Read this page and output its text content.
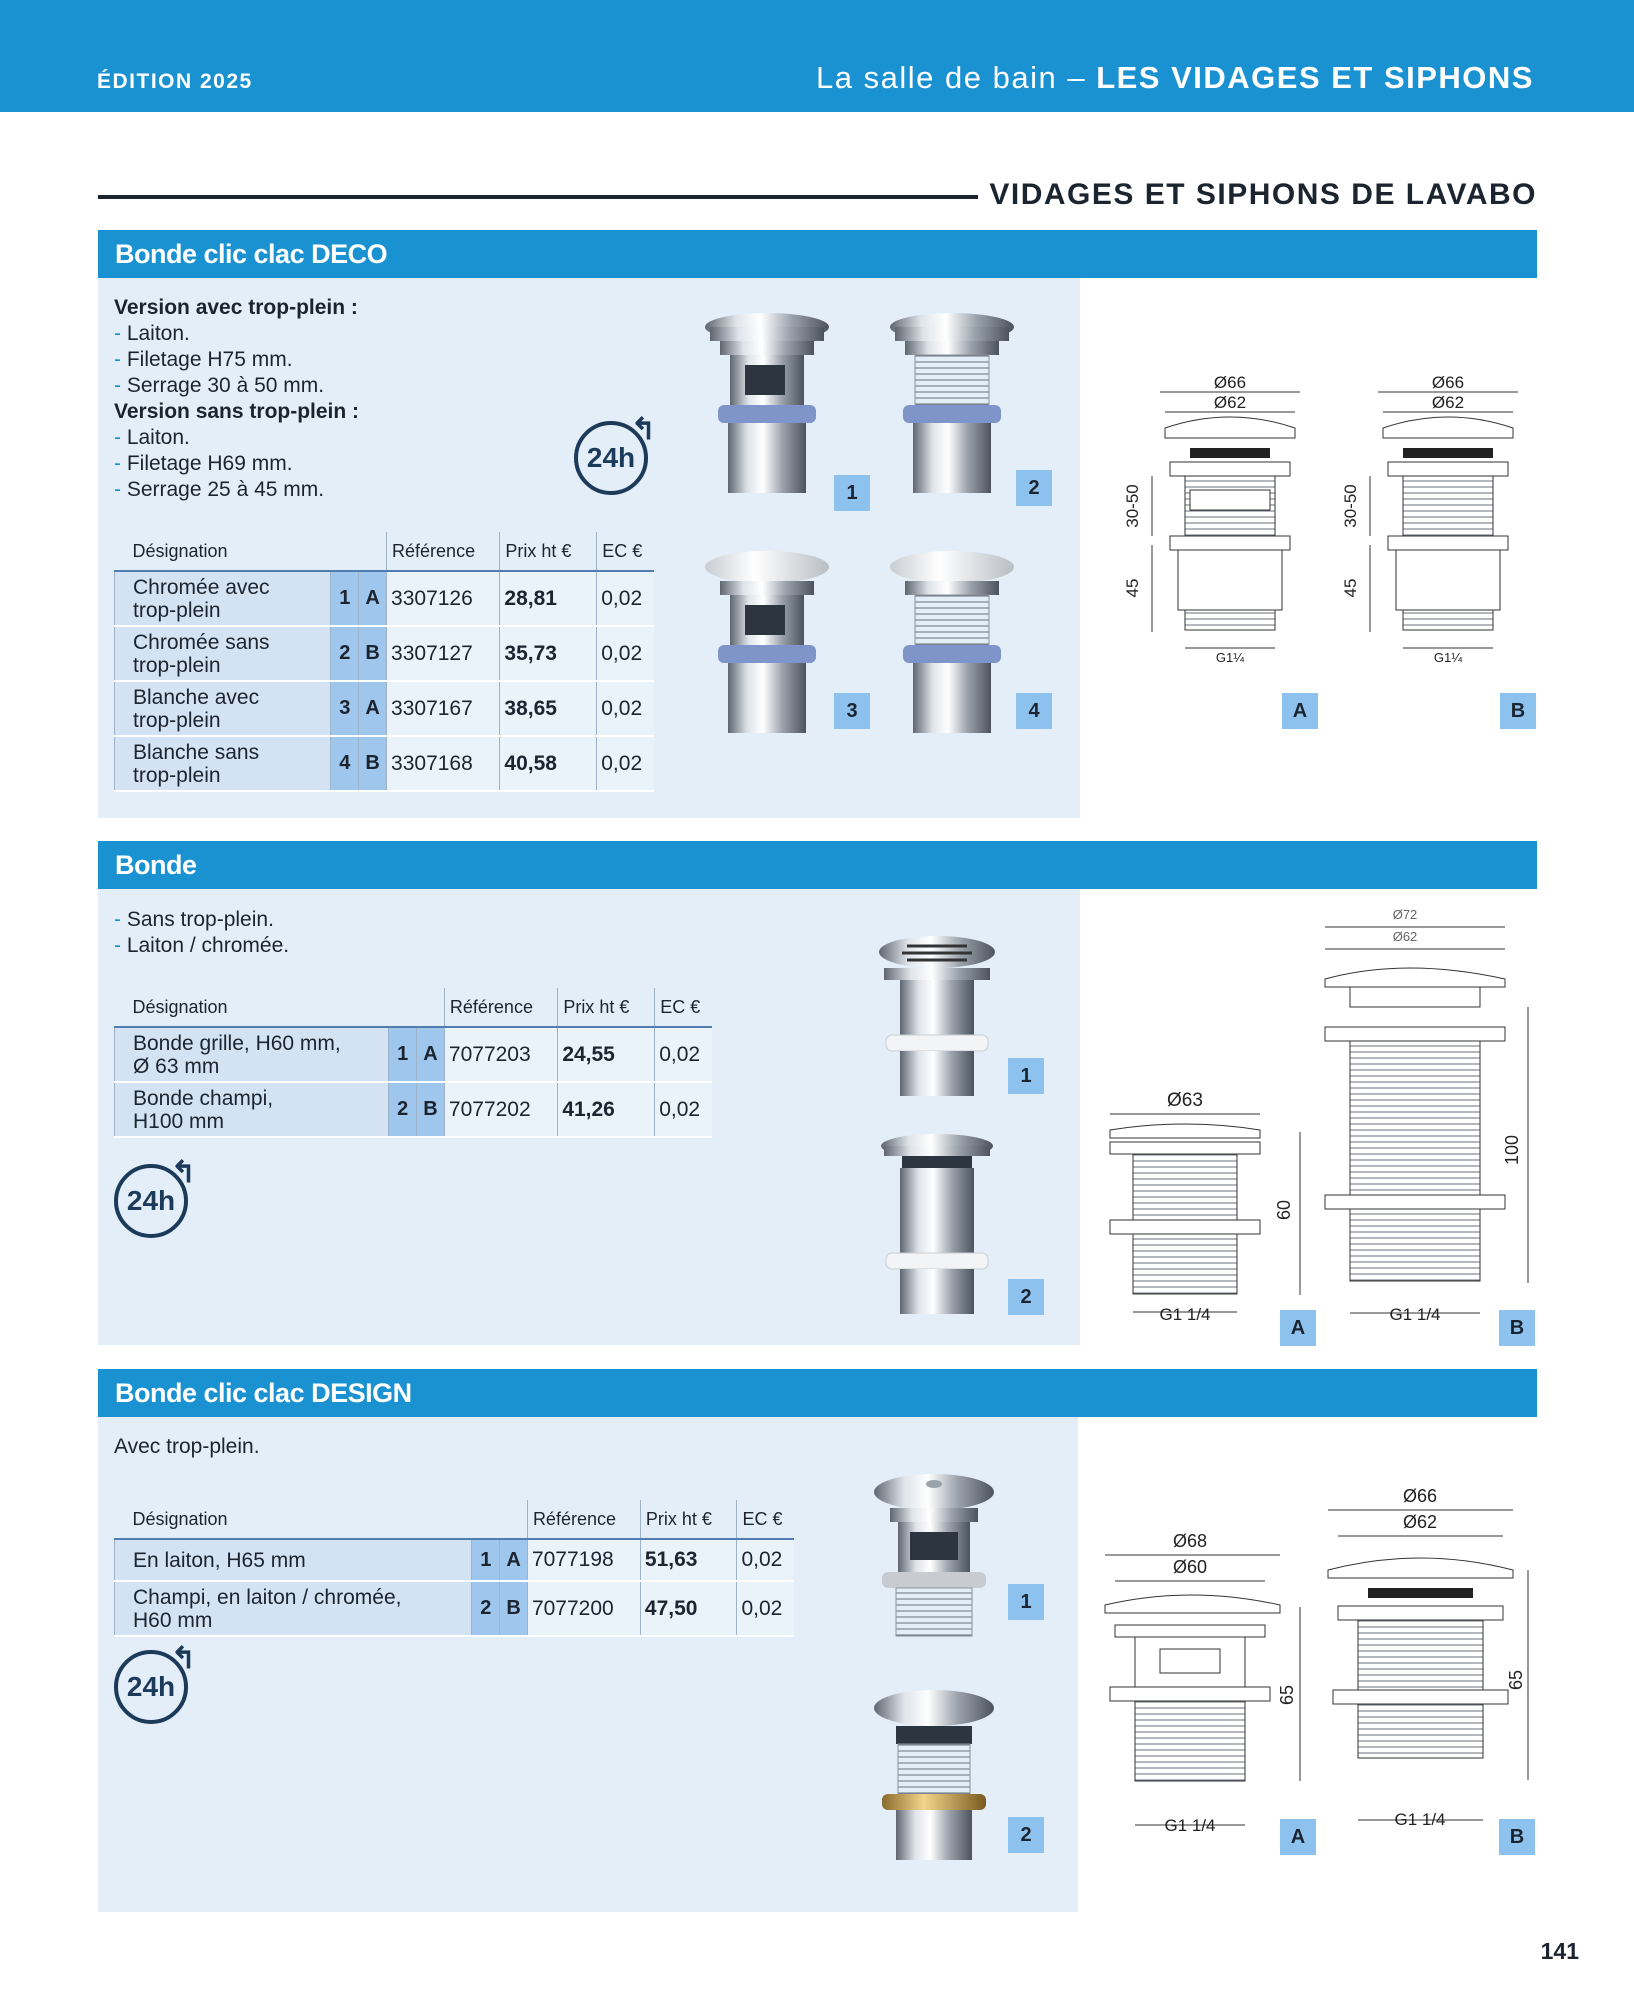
ÉDITION 2025	La salle de bain – LES VIDAGES ET SIPHONS
VIDAGES ET SIPHONS DE LAVABO
Bonde clic clac DECO
Version avec trop-plein :
- Laiton.
- Filetage H75 mm.
- Serrage 30 à 50 mm.
Version sans trop-plein :
- Laiton.
- Filetage H69 mm.
- Serrage 25 à 45 mm.
24h
↰
Désignation			Référence	Prix ht €	EC €

Chromée avec
trop-plein	1	A	3307126	28,81	0,02

Chromée sans
trop-plein	2	B	3307127	35,73	0,02

Blanche avec
trop-plein	3	A	3307167	38,65	0,02

Blanche sans
trop-plein	4	B	3307168	40,58	0,02
1	2
3	4
Ø66
Ø62
30-50
45
G1¼
Ø66
Ø62
30-50
45
G1¼
A	B
Bonde
- Sans trop-plein.
- Laiton / chromée.
Désignation			Référence	Prix ht €	EC €

Bonde grille, H60 mm,
Ø 63 mm	1	A	7077203	24,55	0,02

Bonde champi,
H100 mm	2	B	7077202	41,26	0,02
24h
↰
1
2
Ø63
60
G1 1/4
Ø72
Ø62
100
G1 1/4
A	B
Bonde clic clac DESIGN
Avec trop-plein.
Désignation			Référence	Prix ht €	EC €

En laiton, H65 mm	1	A	7077198	51,63	0,02

Champi, en laiton / chromée,
H60 mm	2	B	7077200	47,50	0,02
24h
↰
1
2
Ø68
Ø60
65
G1 1/4
Ø66
Ø62
65
G1 1/4
A	B
141
